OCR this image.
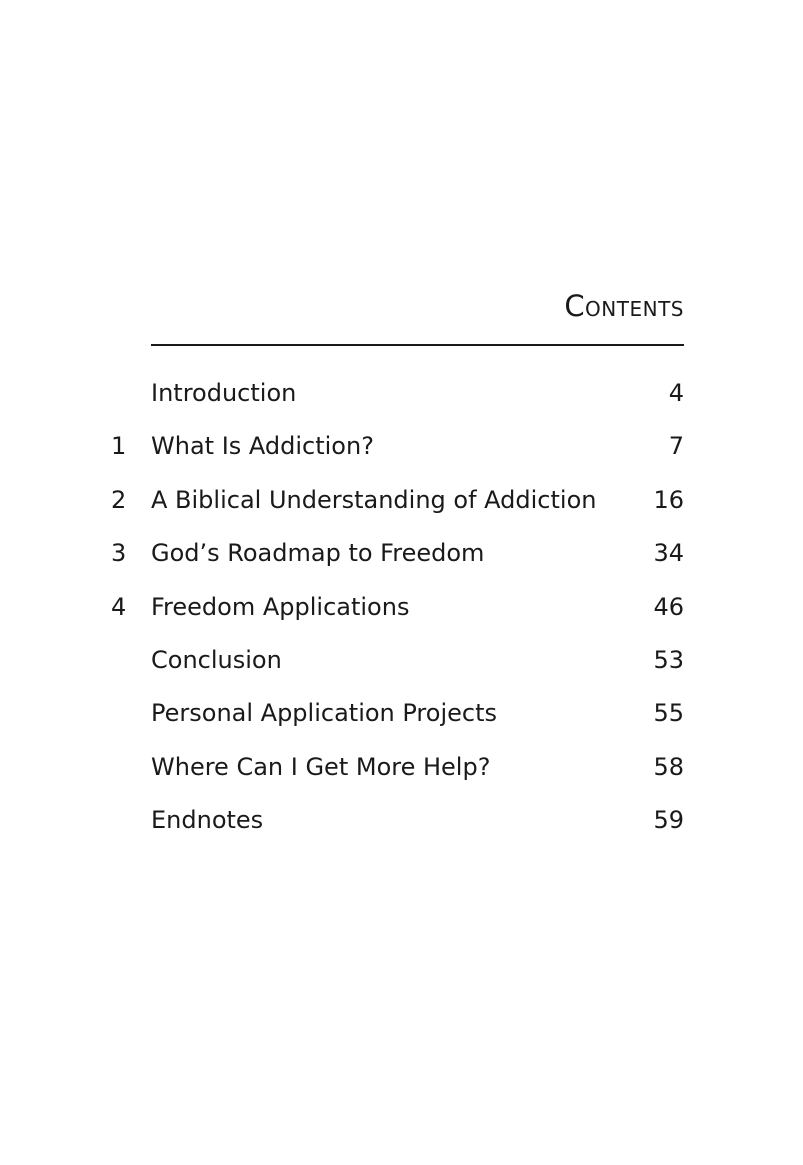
Contents
Introduction	4
1	What Is Addiction?	7
2	A Biblical Understanding of Addiction 16
3	God’s Roadmap to Freedom	34
4	Freedom Applications	46
Conclusion	53
Personal Application Projects	55
Where Can I Get More Help?	58
Endnotes	59
